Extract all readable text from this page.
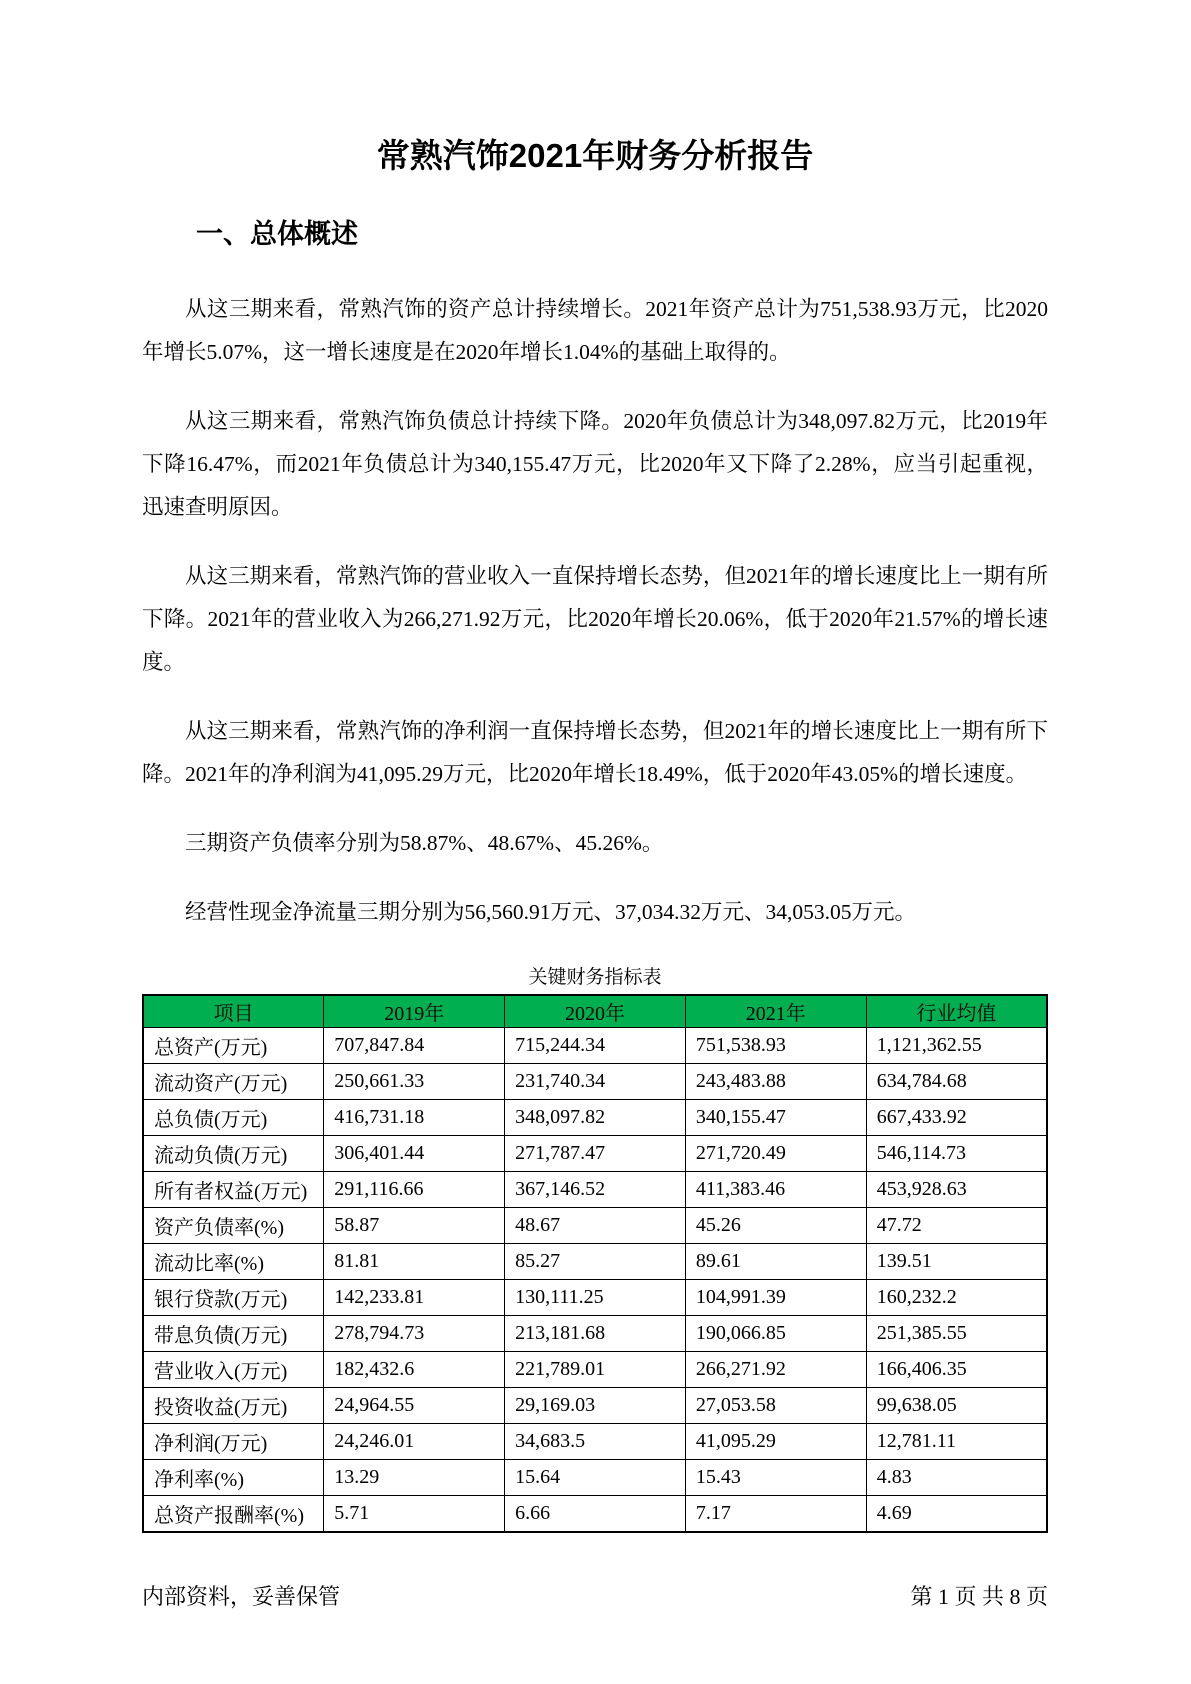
常熟汽饰2021年财务分析报告
一、总体概述

从这三期来看，常熟汽饰的资产总计持续增长。2021年资产总计为751,538.93万元，比2020年增长5.07%，这一增长速度是在2020年增长1.04%的基础上取得的。

从这三期来看，常熟汽饰负债总计持续下降。2020年负债总计为348,097.82万元，比2019年下降16.47%，而2021年负债总计为340,155.47万元，比2020年又下降了2.28%，应当引起重视，迅速查明原因。

从这三期来看，常熟汽饰的营业收入一直保持增长态势，但2021年的增长速度比上一期有所下降。2021年的营业收入为266,271.92万元，比2020年增长20.06%，低于2020年21.57%的增长速度。

从这三期来看，常熟汽饰的净利润一直保持增长态势，但2021年的增长速度比上一期有所下降。2021年的净利润为41,095.29万元，比2020年增长18.49%，低于2020年43.05%的增长速度。

三期资产负债率分别为58.87%、48.67%、45.26%。

经营性现金净流量三期分别为56,560.91万元、37,034.32万元、34,053.05万元。

关键财务指标表
项目	2019年	2020年	2021年	行业均值
总资产(万元)	707,847.84	715,244.34	751,538.93	1,121,362.55
流动资产(万元)	250,661.33	231,740.34	243,483.88	634,784.68
总负债(万元)	416,731.18	348,097.82	340,155.47	667,433.92
流动负债(万元)	306,401.44	271,787.47	271,720.49	546,114.73
所有者权益(万元)	291,116.66	367,146.52	411,383.46	453,928.63
资产负债率(%)	58.87	48.67	45.26	47.72
流动比率(%)	81.81	85.27	89.61	139.51
银行贷款(万元)	142,233.81	130,111.25	104,991.39	160,232.2
带息负债(万元)	278,794.73	213,181.68	190,066.85	251,385.55
营业收入(万元)	182,432.6	221,789.01	266,271.92	166,406.35
投资收益(万元)	24,964.55	29,169.03	27,053.58	99,638.05
净利润(万元)	24,246.01	34,683.5	41,095.29	12,781.11
净利率(%)	13.29	15.64	15.43	4.83
总资产报酬率(%)	5.71	6.66	7.17	4.69
内部资料，妥善保管	第 1 页 共 8 页
